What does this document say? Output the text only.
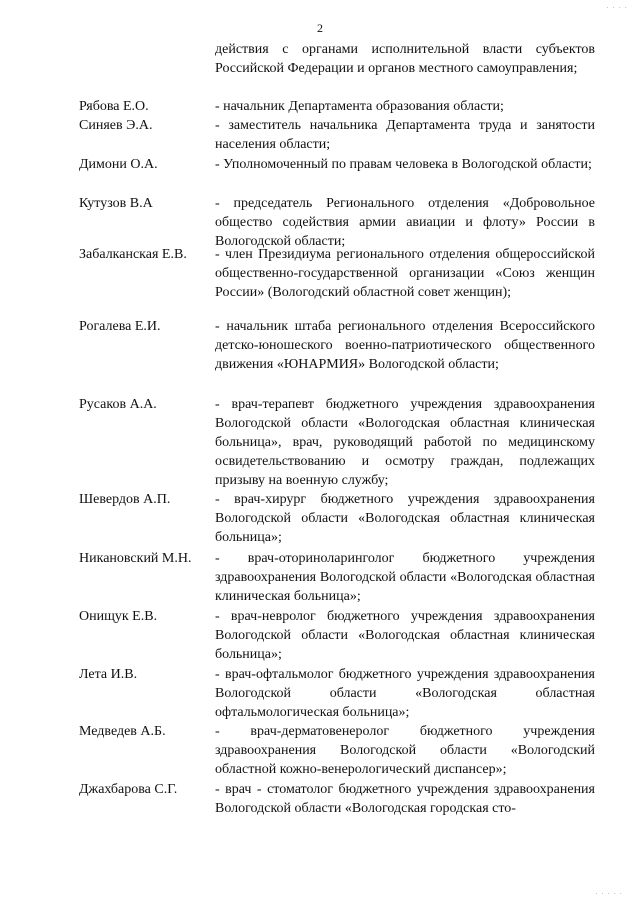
2
действия с органами исполнительной власти субъектов Российской Федерации и органов местного самоуправления;
Рябова Е.О.	- начальник Департамента образования области;
Синяев Э.А.	- заместитель начальника Департамента труда и занятости населения области;
Димони О.А.	- Уполномоченный по правам человека в Вологодской области;
Кутузов В.А	- председатель Регионального отделения «Добровольное общество содействия армии авиации и флоту» России в Вологодской области;
Забалканская Е.В.	- член Президиума регионального отделения общероссийской общественно-государственной организации «Союз женщин России» (Вологодский областной совет женщин);
Рогалева Е.И.	- начальник штаба регионального отделения Всероссийского детско-юношеского военно-патриотического общественного движения «ЮНАРМИЯ» Вологодской области;
Русаков А.А.	- врач-терапевт бюджетного учреждения здравоохранения Вологодской области «Вологодская областная клиническая больница», врач, руководящий работой по медицинскому освидетельствованию и осмотру граждан, подлежащих призыву на военную службу;
Шевердов А.П.	- врач-хирург бюджетного учреждения здравоохранения Вологодской области «Вологодская областная клиническая больница»;
Никановский М.Н.	- врач-оториноларинголог бюджетного учреждения здравоохранения Вологодской области «Вологодская областная клиническая больница»;
Онищук Е.В.	- врач-невролог бюджетного учреждения здравоохранения Вологодской области «Вологодская областная клиническая больница»;
Лета И.В.	- врач-офтальмолог бюджетного учреждения здравоохранения Вологодской области «Вологодская областная офтальмологическая больница»;
Медведев А.Б.	- врач-дерматовенеролог бюджетного учреждения здравоохранения Вологодской области «Вологодский областной кожно-венерологический диспансер»;
Джахбарова С.Г.	- врач - стоматолог бюджетного учреждения здравоохранения Вологодской области «Вологодская городская сто-
· · · ·
· · · · ·
